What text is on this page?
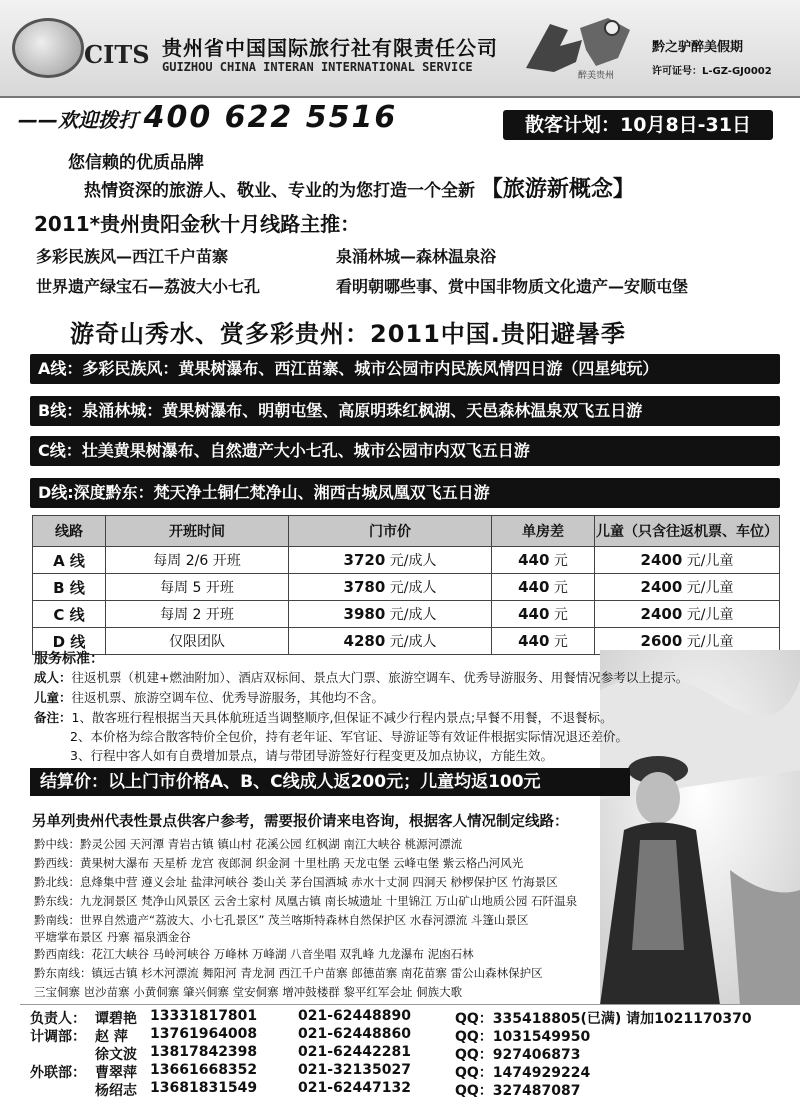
CITS 贵州省中国国际旅行社有限责任公司
GUIZHOU CHINA INTERAN INTERNATIONAL SERVICE
醉美贵州
黔之驴醉美假期
许可证号：L-GZ-GJ0002
——欢迎拨打 400 622 5516	散客计划：10月8日-31日
您信赖的优质品牌
热情资深的旅游人、敬业、专业的为您打造一个全新 【旅游新概念】
2011*贵州贵阳金秋十月线路主推：
多彩民族风—西江千户苗寨	泉涌林城—森林温泉浴
世界遗产绿宝石—荔波大小七孔	看明朝哪些事、赏中国非物质文化遗产—安顺屯堡
游奇山秀水、赏多彩贵州：2011中国.贵阳避暑季
A线：多彩民族风：黄果树瀑布、西江苗寨、城市公园市内民族风情四日游（四星纯玩）
B线：泉涌林城：黄果树瀑布、明朝屯堡、高原明珠红枫湖、天邑森林温泉双飞五日游
C线：壮美黄果树瀑布、自然遗产大小七孔、城市公园市内双飞五日游
D线:深度黔东：梵天净土铜仁梵净山、湘西古城凤凰双飞五日游
线路	开班时间	门市价	单房差	儿童（只含往返机票、车位）
A 线	每周 2/6 开班	3720 元/成人	440 元	2400 元/儿童
B 线	每周 5 开班	3780 元/成人	440 元	2400 元/儿童
C 线	每周 2 开班	3980 元/成人	440 元	2400 元/儿童
D 线	仅限团队	4280 元/成人	440 元	2600 元/儿童
服务标准：
成人：往返机票（机建+燃油附加）、酒店双标间、景点大门票、旅游空调车、优秀导游服务、用餐情况参考以上提示。
儿童：往返机票、旅游空调车位、优秀导游服务，其他均不含。
备注：1、散客班行程根据当天具体航班适当调整顺序,但保证不减少行程内景点;早餐不用餐，不退餐标。
2、本价格为综合散客特价全包价，持有老年证、军官证、导游证等有效证件根据实际情况退还差价。
3、行程中客人如有自费增加景点，请与带团导游签好行程变更及加点协议，方能生效。
结算价：以上门市价格A、B、C线成人返200元；儿童均返100元
另单列贵州代表性景点供客户参考，需要报价请来电咨询，根据客人情况制定线路：
黔中线：黔灵公园 天河潭 青岩古镇 镇山村 花溪公园 红枫湖 南江大峡谷 桃源河漂流
黔西线：黄果树大瀑布 天星桥 龙宫 夜郎洞 织金洞 十里杜鹃 天龙屯堡 云峰屯堡 紫云格凸河风光
黔北线：息烽集中营 遵义会址 盐津河峡谷 娄山关 茅台国酒城 赤水十丈洞 四洞天 桫椤保护区 竹海景区
黔东线：九龙洞景区 梵净山风景区 云舍土家村 凤凰古镇 南长城遗址 十里锦江 万山矿山地质公园 石阡温泉
黔南线：世界自然遗产“荔波大、小七孔景区” 茂兰喀斯特森林自然保护区 水春河漂流 斗篷山景区
平塘掌布景区 丹寨 福泉洒金谷
黔西南线：花江大峡谷 马岭河峡谷 万峰林 万峰湖 八音坐唱 双乳峰 九龙瀑布 泥凼石林
黔东南线：镇远古镇 杉木河漂流 舞阳河 青龙洞 西江千户苗寨 郎德苗寨 南花苗寨 雷公山森林保护区
三宝侗寨 岜沙苗寨 小黄侗寨 肇兴侗寨 堂安侗寨 增冲鼓楼群 黎平红军会址 侗族大歌
负责人： 谭碧艳 13331817801	021-62448890	QQ：335418805(已满) 请加1021170370
计调部： 赵 萍 13761964008	021-62448860	QQ：1031549950
徐文波 13817842398	021-62442281	QQ：927406873
外联部： 曹翠萍 13661668352	021-32135027	QQ：1474929224
杨绍志 13681831549	021-62447132	QQ：327487087
